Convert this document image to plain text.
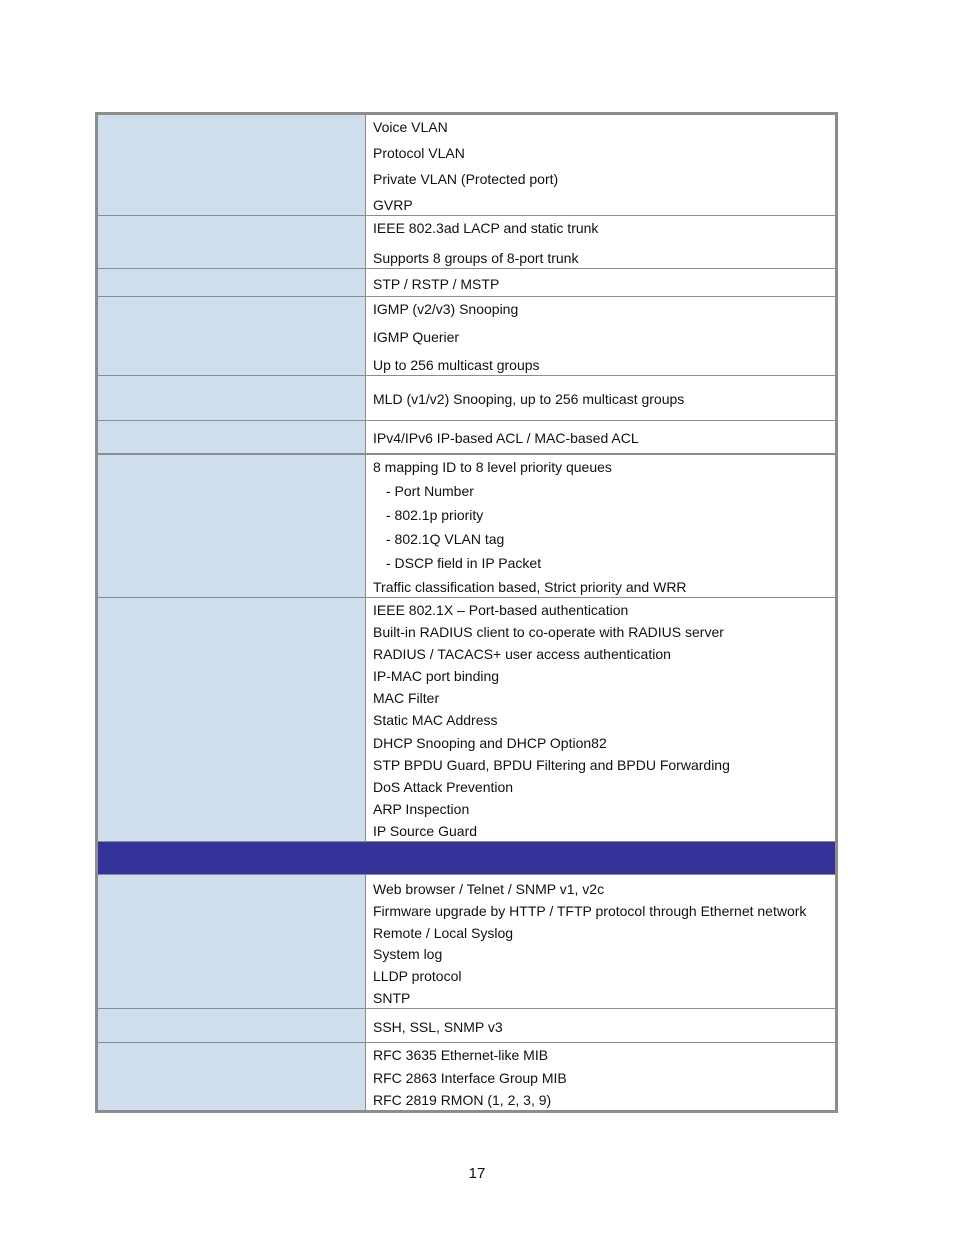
Voice VLAN
Protocol VLAN
Private VLAN (Protected port)
GVRP
IEEE 802.3ad LACP and static trunk
Supports 8 groups of 8-port trunk
STP / RSTP / MSTP
IGMP (v2/v3) Snooping
IGMP Querier
Up to 256 multicast groups
MLD (v1/v2) Snooping, up to 256 multicast groups
IPv4/IPv6 IP-based ACL / MAC-based ACL
8 mapping ID to 8 level priority queues
- Port Number
- 802.1p priority
- 802.1Q VLAN tag
- DSCP field in IP Packet
Traffic classification based, Strict priority and WRR
IEEE 802.1X – Port-based authentication
Built-in RADIUS client to co-operate with RADIUS server
RADIUS / TACACS+ user access authentication
IP-MAC port binding
MAC Filter
Static MAC Address
DHCP Snooping and DHCP Option82
STP BPDU Guard, BPDU Filtering and BPDU Forwarding
DoS Attack Prevention
ARP Inspection
IP Source Guard
Web browser / Telnet / SNMP v1, v2c
Firmware upgrade by HTTP / TFTP protocol through Ethernet network
Remote / Local Syslog
System log
LLDP protocol
SNTP
SSH, SSL, SNMP v3
RFC 3635 Ethernet-like MIB
RFC 2863 Interface Group MIB
RFC 2819 RMON (1, 2, 3, 9)
17
